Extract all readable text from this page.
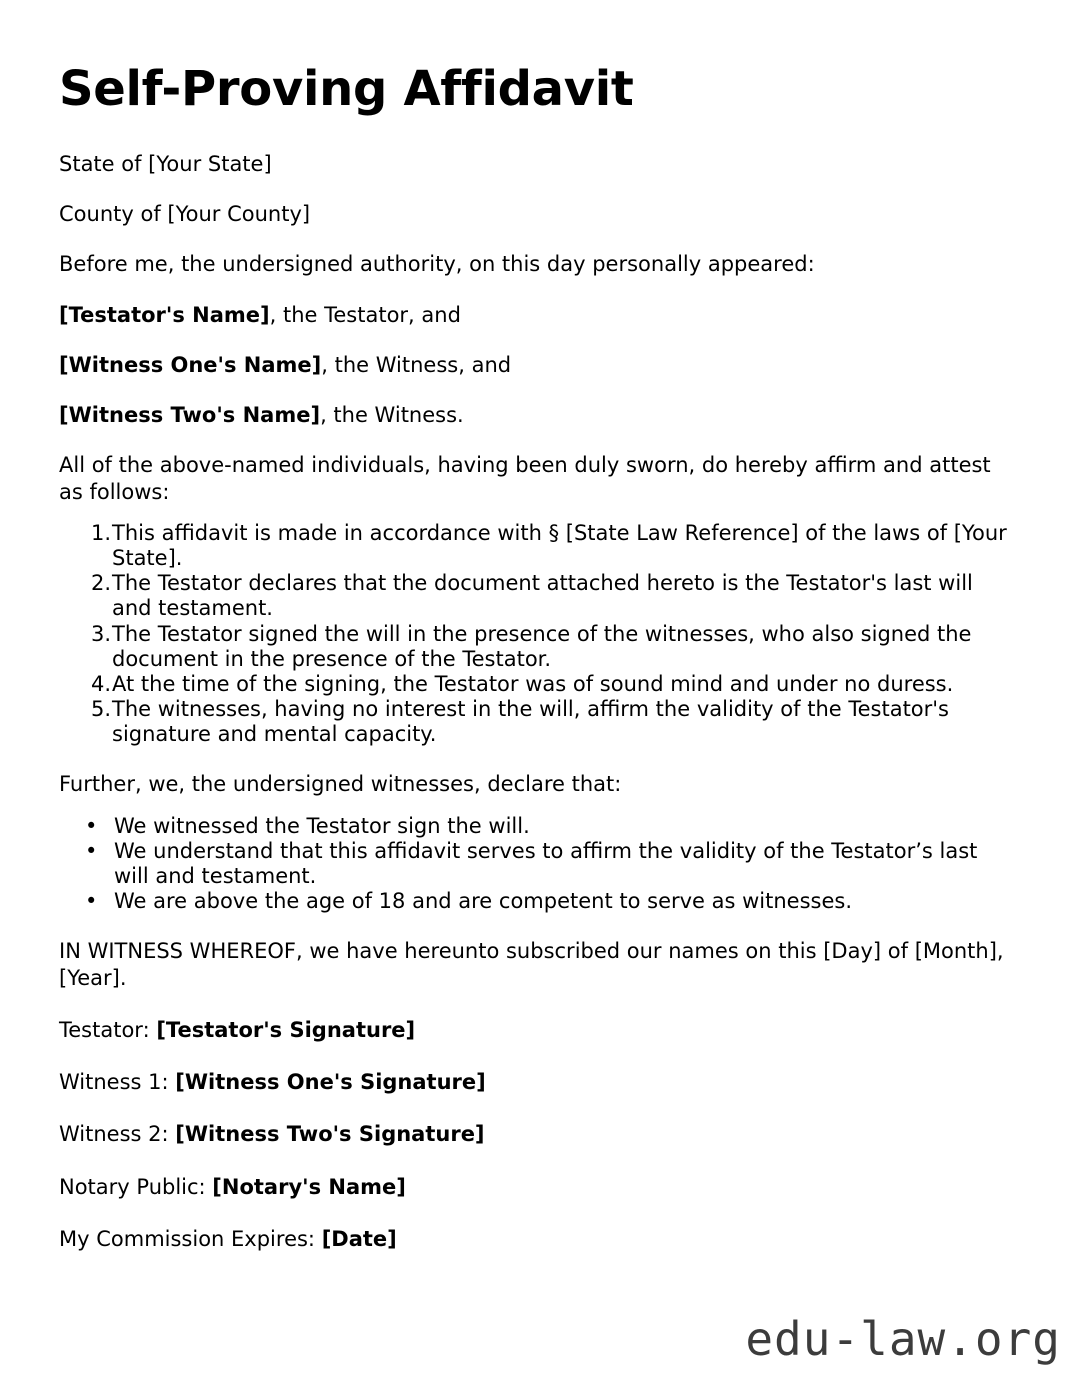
Self-Proving Affidavit

State of [Your State]

County of [Your County]

Before me, the undersigned authority, on this day personally appeared:

[Testator's Name], the Testator, and

[Witness One's Name], the Witness, and

[Witness Two's Name], the Witness.

All of the above-named individuals, having been duly sworn, do hereby affirm and attest as follows:

1. This affidavit is made in accordance with § [State Law Reference] of the laws of [Your State].
2. The Testator declares that the document attached hereto is the Testator's last will and testament.
3. The Testator signed the will in the presence of the witnesses, who also signed the document in the presence of the Testator.
4. At the time of the signing, the Testator was of sound mind and under no duress.
5. The witnesses, having no interest in the will, affirm the validity of the Testator's signature and mental capacity.

Further, we, the undersigned witnesses, declare that:

• We witnessed the Testator sign the will.
• We understand that this affidavit serves to affirm the validity of the Testator’s last will and testament.
• We are above the age of 18 and are competent to serve as witnesses.

IN WITNESS WHEREOF, we have hereunto subscribed our names on this [Day] of [Month], [Year].

Testator: [Testator's Signature]

Witness 1: [Witness One's Signature]

Witness 2: [Witness Two's Signature]

Notary Public: [Notary's Name]

My Commission Expires: [Date]

edu-law.org
